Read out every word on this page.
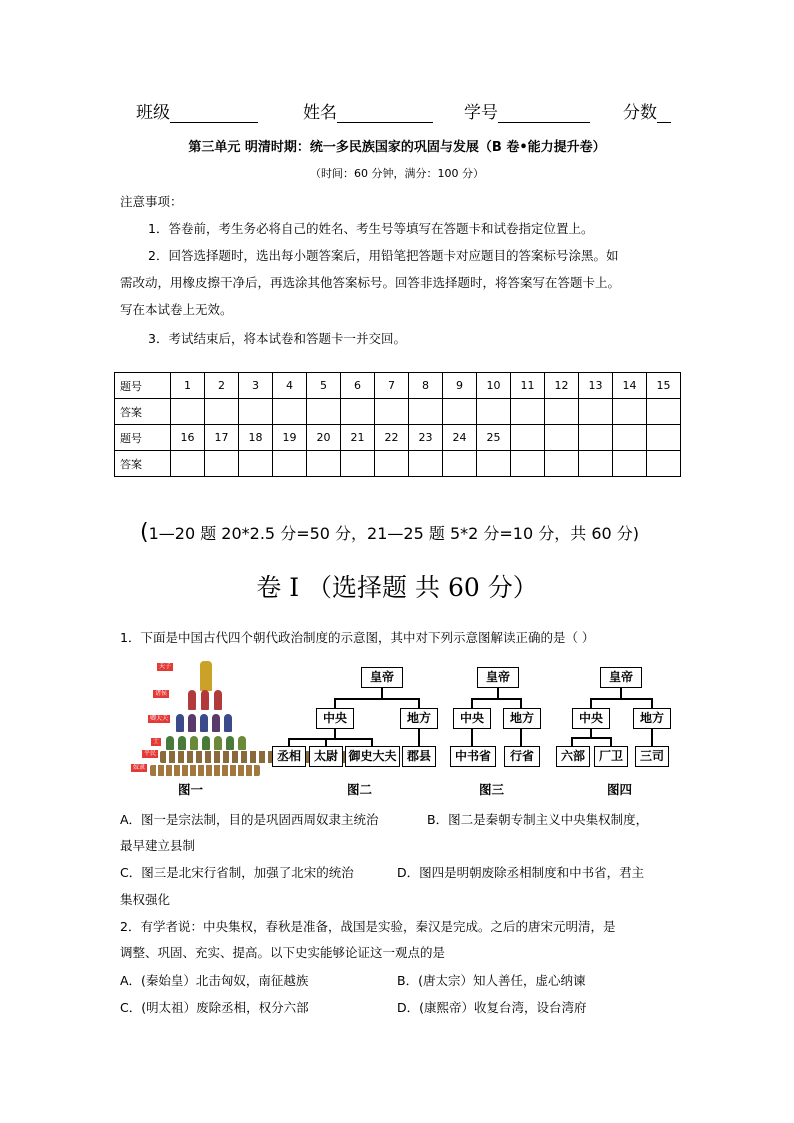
班级	姓名	学号	分数
第三单元 明清时期：统一多民族国家的巩固与发展（B 卷•能力提升卷）
（时间：60 分钟，满分：100 分）
注意事项：
1．答卷前，考生务必将自己的姓名、考生号等填写在答题卡和试卷指定位置上。
2．回答选择题时，选出每小题答案后，用铅笔把答题卡对应题目的答案标号涂黑。如
需改动，用橡皮擦干净后，再选涂其他答案标号。回答非选择题时，将答案写在答题卡上。
写在本试卷上无效。
3．考试结束后，将本试卷和答题卡一并交回。
题号	1	2	3	4	5	6	7	8	9	10	11	12	13	14	15
答案															
题号	16	17	18	19	20	21	22	23	24	25					
答案															
(1—20 题 20*2.5 分=50 分，21—25 题 5*2 分=10 分，共 60 分)
卷 I （选择题 共 60 分）
1．下面是中国古代四个朝代政治制度的示意图，其中对下列示意图解读正确的是（ ）
天子
诸侯
卿大夫
士
平民
奴隶
图一
皇帝
中央	地方
丞相	太尉 御史大夫 郡县
图二
皇帝
中央	地方
中书省	行省
图三
皇帝
中央	地方
六部	厂卫	三司
图四
A．图一是宗法制，目的是巩固西周奴隶主统治	B．图二是秦朝专制主义中央集权制度，
最早建立县制
C．图三是北宋行省制，加强了北宋的统治	D．图四是明朝废除丞相制度和中书省，君主
集权强化
2．有学者说：中央集权，春秋是准备，战国是实验，秦汉是完成。之后的唐宋元明清，是
调整、巩固、充实、提高。以下史实能够论证这一观点的是
A．(秦始皇）北击匈奴，南征越族	B．(唐太宗）知人善任，虚心纳谏
C．(明太祖）废除丞相，权分六部	D．(康熙帝）收复台湾，设台湾府
